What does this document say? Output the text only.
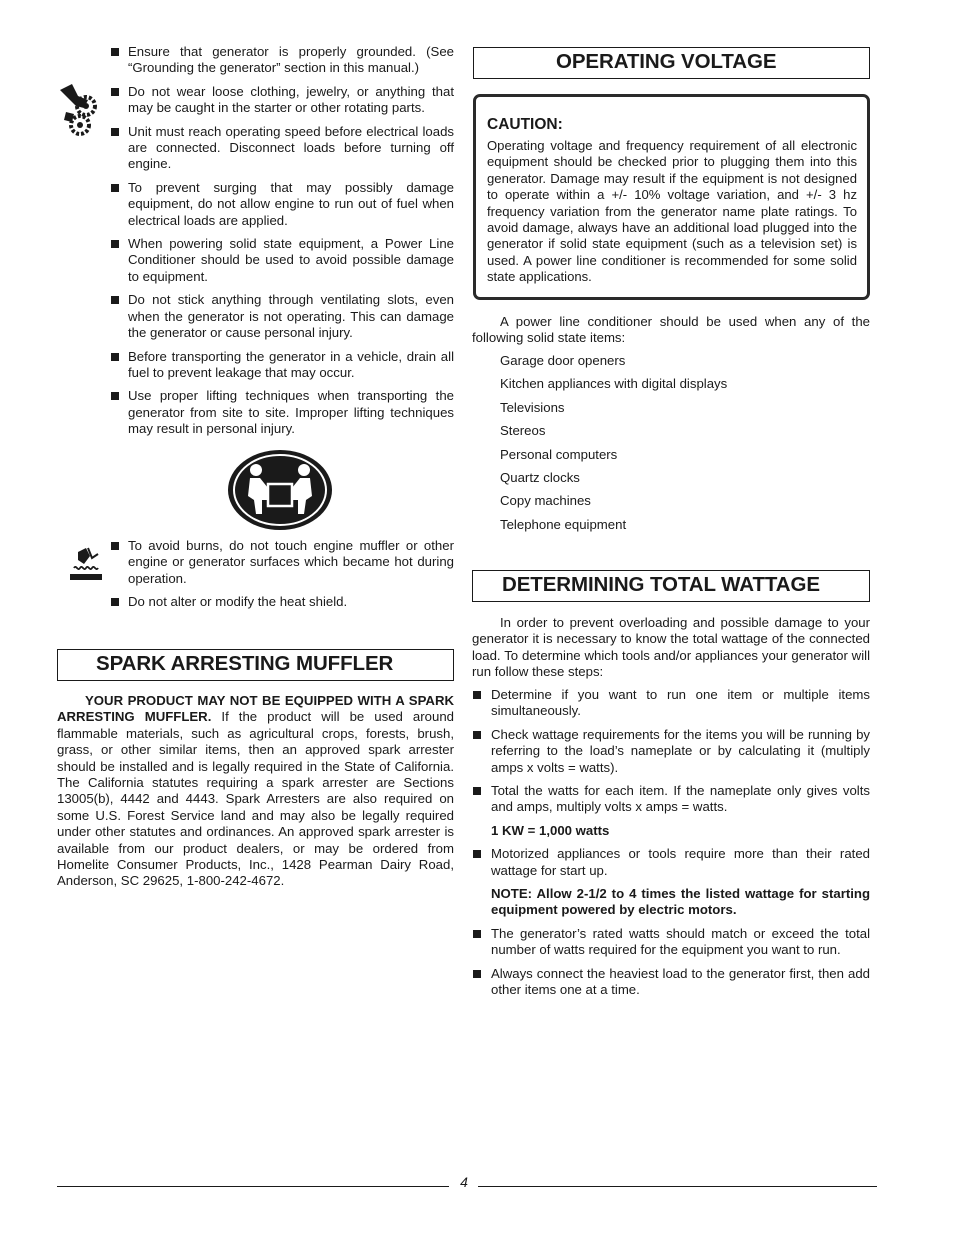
Ensure that generator is properly grounded. (See “Grounding the generator” section in this manual.)
Do not wear loose clothing, jewelry, or anything that may be caught in the starter or other rotating parts.
Unit must reach operating speed before electrical loads are connected. Disconnect loads before turning off engine.
To prevent surging that may possibly damage equipment, do not allow engine to run out of fuel when electrical loads are applied.
When powering solid state equipment, a Power Line Conditioner should be used to avoid possible damage to equipment.
Do not stick anything through ventilating slots, even when the generator is not operating. This can damage the generator or cause personal injury.
Before transporting the generator in a vehicle, drain all fuel to prevent leakage that may occur.
Use proper lifting techniques when transporting the generator from site to site. Improper lifting techniques may result in personal injury.
To avoid burns, do not touch engine muffler or other engine or generator surfaces which became hot during operation.
Do not alter or modify the heat shield.
SPARK ARRESTING MUFFLER
YOUR PRODUCT MAY NOT BE EQUIPPED WITH A SPARK ARRESTING MUFFLER. If the product will be used around flammable materials, such as agricultural crops, forests, brush, grass, or other similar items, then an approved spark arrester should be installed and is legally required in the State of California. The California statutes requiring a spark arrester are Sections 13005(b), 4442 and 4443. Spark Arresters are also required on some U.S. Forest Service land and may also be legally required under other statutes and ordinances. An approved spark arrester is available from our product dealers, or may be ordered from Homelite Consumer Products, Inc., 1428 Pearman Dairy Road, Anderson, SC 29625, 1-800-242-4672.
OPERATING VOLTAGE
CAUTION:
Operating voltage and frequency requirement of all electronic equipment should be checked prior to plugging them into this generator. Damage may result if the equipment is not designed to operate within a +/- 10% voltage variation, and +/- 3 hz frequency variation from the generator name plate ratings. To avoid damage, always have an additional load plugged into the generator if solid state equipment (such as a television set) is used. A power line conditioner is recommended for some solid state applications.
A power line conditioner should be used when any of the following solid state items:
Garage door openers
Kitchen appliances with digital displays
Televisions
Stereos
Personal computers
Quartz clocks
Copy machines
Telephone equipment
DETERMINING TOTAL WATTAGE
In order to prevent overloading and possible damage to your generator it is necessary to know the total wattage of the connected load. To determine which tools and/or appliances your generator will run follow these steps:
Determine if you want to run one item or multiple items simultaneously.
Check wattage requirements for the items you will be running by referring to the load’s nameplate or by calculating it (multiply amps x volts = watts).
Total the watts for each item. If the nameplate only gives volts and amps, multiply volts x amps = watts.
1 KW = 1,000 watts
Motorized appliances or tools require more than their rated wattage for start up.
NOTE: Allow 2-1/2 to 4 times the listed wattage for starting equipment powered by electric motors.
The generator’s rated watts should match or exceed the total number of watts required for the equipment you want to run.
Always connect the heaviest load to the generator first, then add other items one at a time.
4
